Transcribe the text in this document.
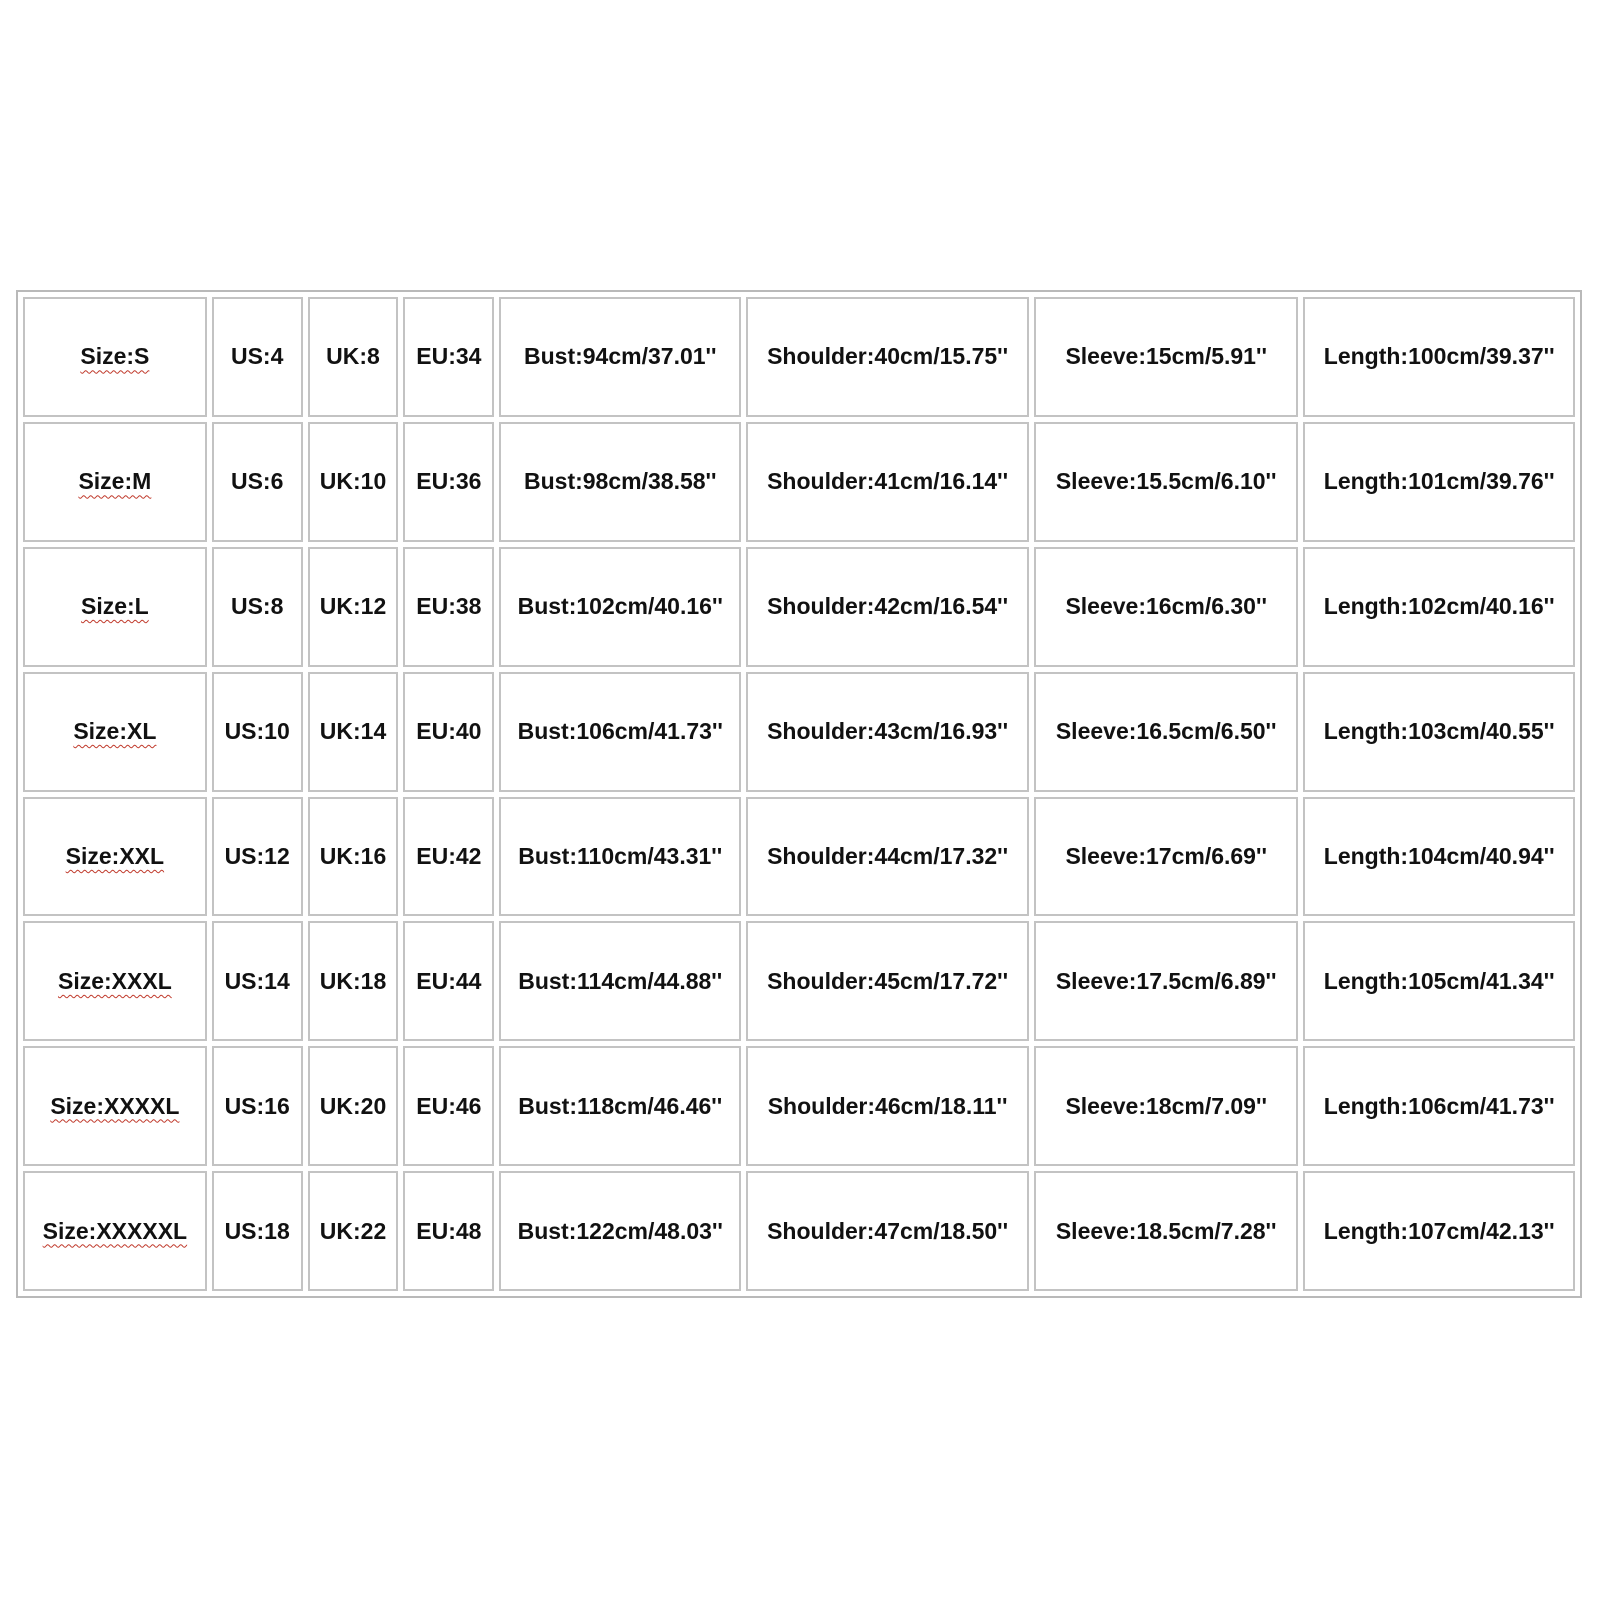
Size:S	US:4	UK:8	EU:34	Bust:94cm/37.01''	Shoulder:40cm/15.75''	Sleeve:15cm/5.91''	Length:100cm/39.37''
Size:M	US:6	UK:10	EU:36	Bust:98cm/38.58''	Shoulder:41cm/16.14''	Sleeve:15.5cm/6.10''	Length:101cm/39.76''
Size:L	US:8	UK:12	EU:38	Bust:102cm/40.16''	Shoulder:42cm/16.54''	Sleeve:16cm/6.30''	Length:102cm/40.16''
Size:XL	US:10	UK:14	EU:40	Bust:106cm/41.73''	Shoulder:43cm/16.93''	Sleeve:16.5cm/6.50''	Length:103cm/40.55''
Size:XXL	US:12	UK:16	EU:42	Bust:110cm/43.31''	Shoulder:44cm/17.32''	Sleeve:17cm/6.69''	Length:104cm/40.94''
Size:XXXL	US:14	UK:18	EU:44	Bust:114cm/44.88''	Shoulder:45cm/17.72''	Sleeve:17.5cm/6.89''	Length:105cm/41.34''
Size:XXXXL	US:16	UK:20	EU:46	Bust:118cm/46.46''	Shoulder:46cm/18.11''	Sleeve:18cm/7.09''	Length:106cm/41.73''
Size:XXXXXL	US:18	UK:22	EU:48	Bust:122cm/48.03''	Shoulder:47cm/18.50''	Sleeve:18.5cm/7.28''	Length:107cm/42.13''
